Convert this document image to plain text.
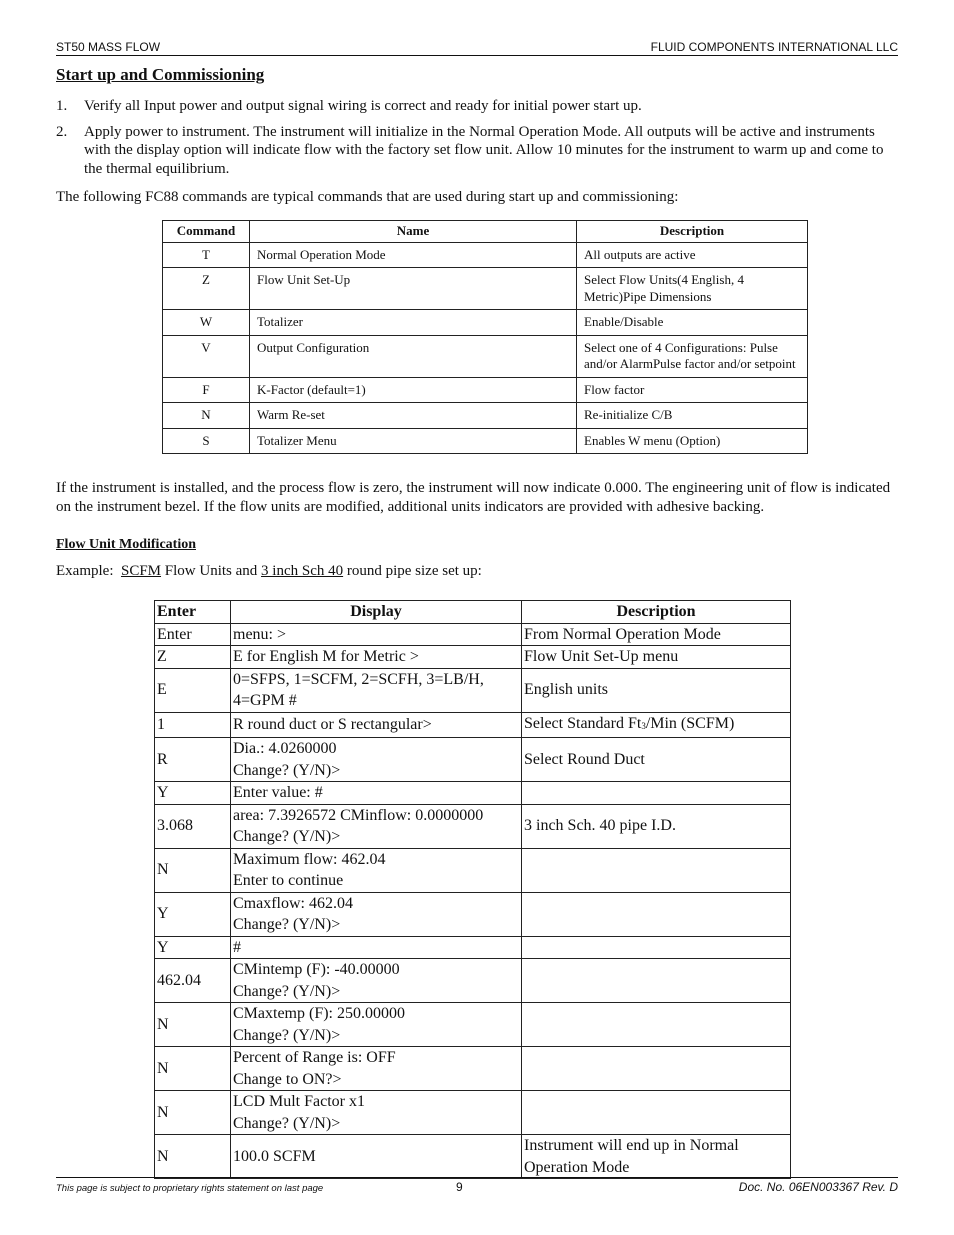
ST50 MASS FLOW	FLUID COMPONENTS INTERNATIONAL LLC
Start up and Commissioning
1. Verify all Input power and output signal wiring is correct and ready for initial power start up.
2. Apply power to instrument. The instrument will initialize in the Normal Operation Mode. All outputs will be active and instruments with the display option will indicate flow with the factory set flow unit. Allow 10 minutes for the instrument to warm up and come to the thermal equilibrium.
The following FC88 commands are typical commands that are used during start up and commissioning:
Command	Name	Description
T	Normal Operation Mode	All outputs are active
Z	Flow Unit Set-Up	Select Flow Units(4 English, 4 Metric)Pipe Dimensions
W	Totalizer	Enable/Disable
V	Output Configuration	Select one of 4 Configurations: Pulse and/or AlarmPulse factor and/or setpoint
F	K-Factor (default=1)	Flow factor
N	Warm Re-set	Re-initialize C/B
S	Totalizer Menu	Enables W menu (Option)
If the instrument is installed, and the process flow is zero, the instrument will now indicate 0.000. The engineering unit of flow is indicated on the instrument bezel. If the flow units are modified, additional units indicators are provided with adhesive backing.
Flow Unit Modification
Example: SCFM Flow Units and 3 inch Sch 40 round pipe size set up:
Enter	Display	Description
Enter	menu: >	From Normal Operation Mode

Z	E for English M for Metric >	Flow Unit Set-Up menu

E	0=SFPS, 1=SCFM, 2=SCFH, 3=LB/H,
4=GPM #	English units

1	R round duct or S rectangular>	Select Standard Ft3/Min (SCFM)

R	Dia.: 4.0260000
Change? (Y/N)>	Select Round Duct

Y	Enter value: #	

3.068	area: 7.3926572 CMinflow: 0.0000000
Change? (Y/N)>	3 inch Sch. 40 pipe I.D.

N	Maximum flow: 462.04
Enter to continue	

Y	Cmaxflow: 462.04
Change? (Y/N)>	

Y	#	

462.04	CMintemp (F): -40.00000
Change? (Y/N)>	

N	CMaxtemp (F): 250.00000
Change? (Y/N)>	

N	Percent of Range is: OFF
Change to ON?>	

N	LCD Mult Factor x1
Change? (Y/N)>	

N	100.0 SCFM	Instrument will end up in Normal
Operation Mode
This page is subject to proprietary rights statement on last page	9	Doc. No. 06EN003367 Rev. D
